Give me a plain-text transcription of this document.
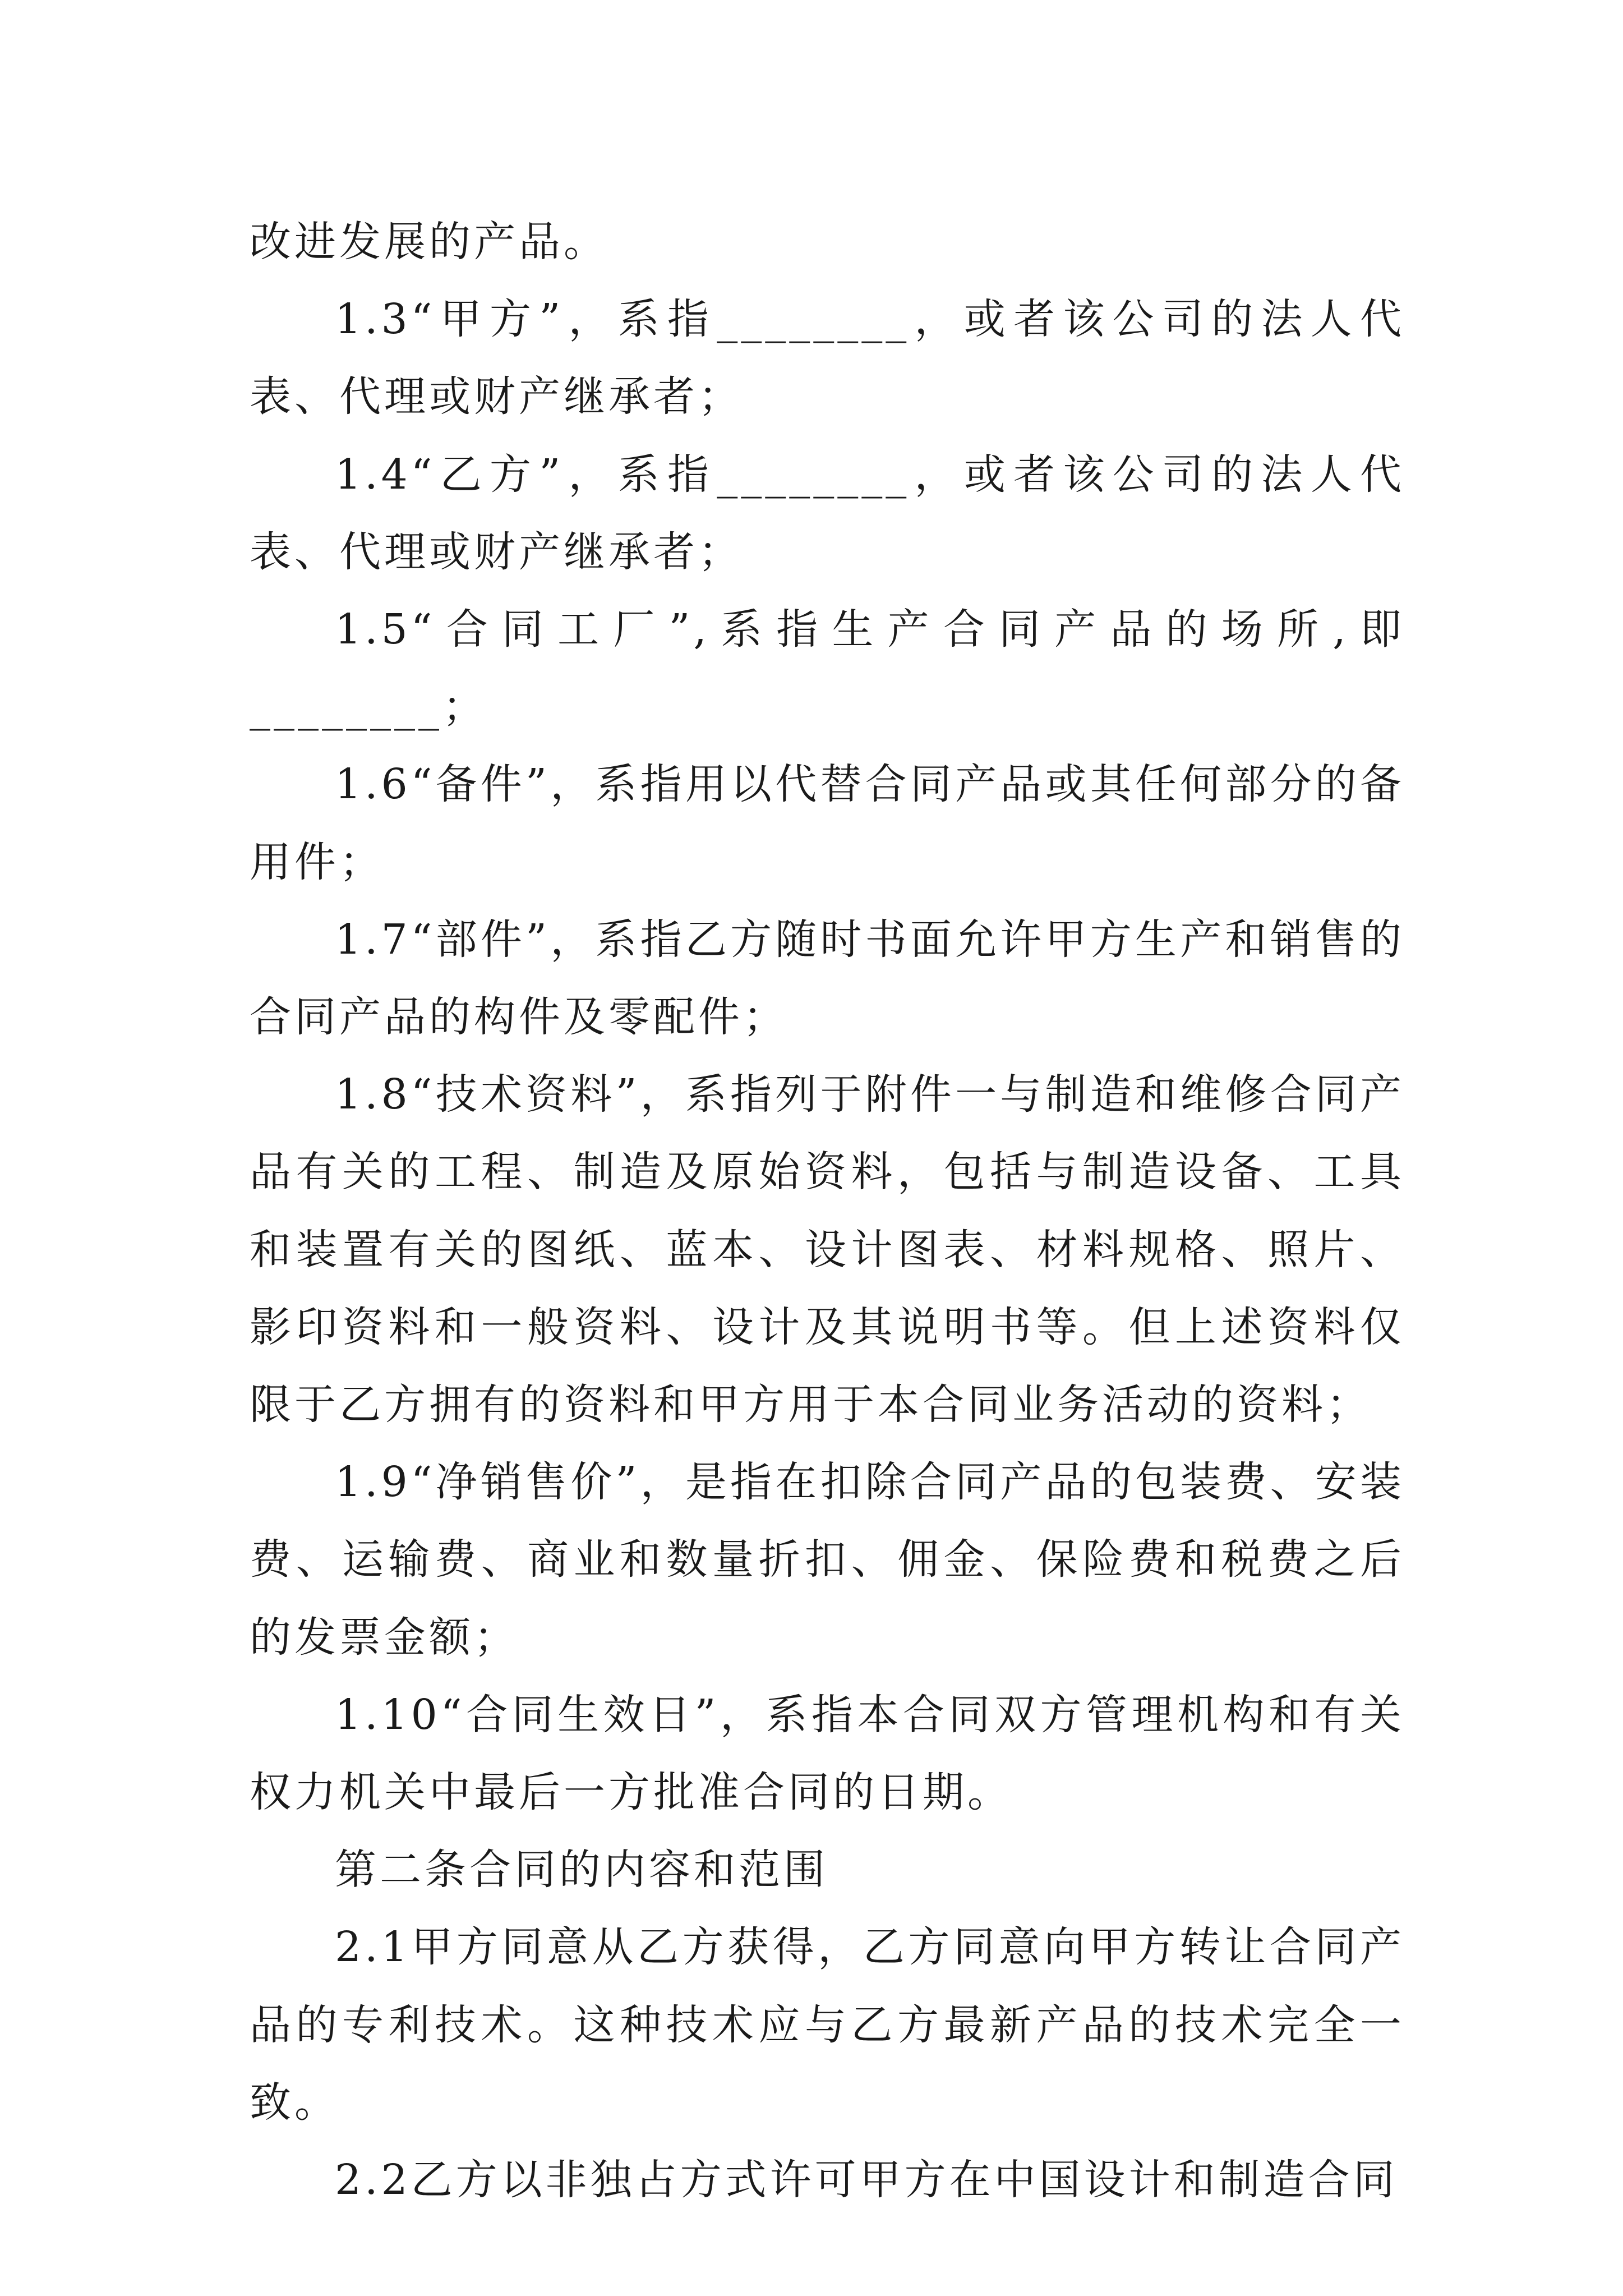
改进发展的产品。

1.3“甲方”，系指________，或者该公司的法人代表、代理或财产继承者；

1.4“乙方”，系指________，或者该公司的法人代表、代理或财产继承者；

1.5“合同工厂”,系指生产合同产品的场所,即________；

1.6“备件”，系指用以代替合同产品或其任何部分的备用件；

1.7“部件”，系指乙方随时书面允许甲方生产和销售的合同产品的构件及零配件；

1.8“技术资料”，系指列于附件一与制造和维修合同产品有关的工程、制造及原始资料，包括与制造设备、工具和装置有关的图纸、蓝本、设计图表、材料规格、照片、影印资料和一般资料、设计及其说明书等。但上述资料仅限于乙方拥有的资料和甲方用于本合同业务活动的资料；

1.9“净销售价”，是指在扣除合同产品的包装费、安装费、运输费、商业和数量折扣、佣金、保险费和税费之后的发票金额；

1.10“合同生效日”，系指本合同双方管理机构和有关权力机关中最后一方批准合同的日期。

第二条合同的内容和范围

2.1甲方同意从乙方获得，乙方同意向甲方转让合同产品的专利技术。这种技术应与乙方最新产品的技术完全一致。

2.2乙方以非独占方式许可甲方在中国设计和制造合同
